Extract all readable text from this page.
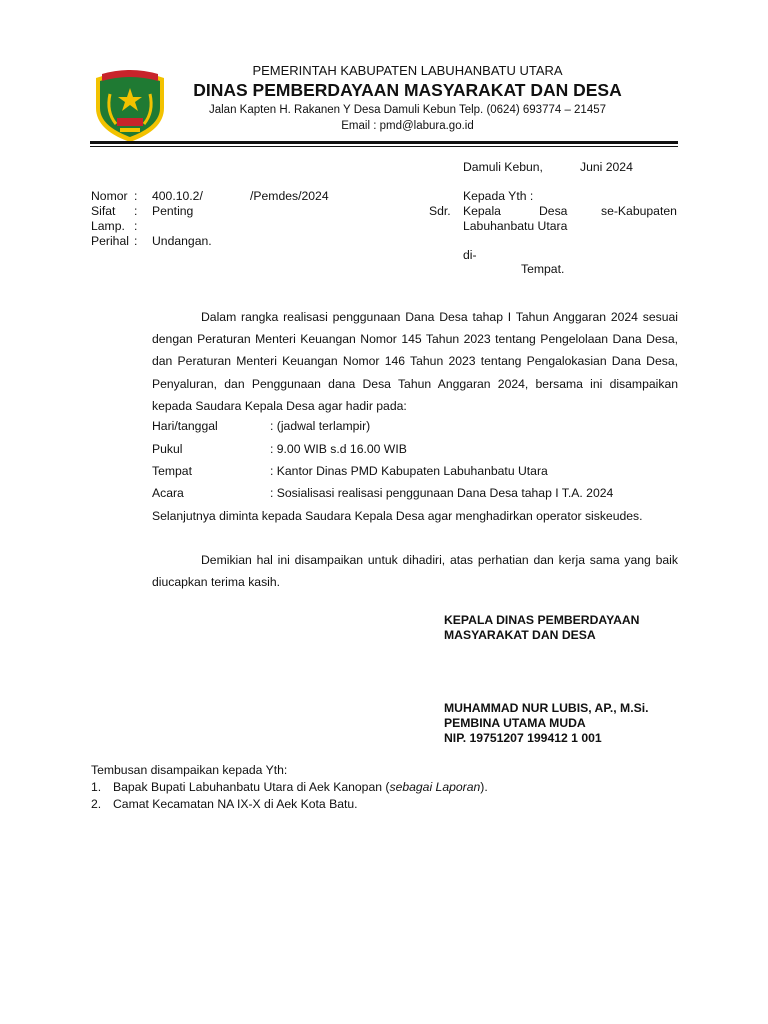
PEMERINTAH KABUPATEN LABUHANBATU UTARA
DINAS PEMBERDAYAAN MASYARAKAT DAN DESA
Jalan Kapten H. Rakanen Y Desa Damuli Kebun Telp. (0624) 693774 – 21457
Email : pmd@labura.go.id
Damuli Kebun,	Juni 2024
Nomor : 400.10.2/	/Pemdes/2024
Sifat : Penting
Lamp. :
Perihal : Undangan.
Kepada Yth :
Sdr. Kepala	Desa	se-Kabupaten
Labuhanbatu Utara
di-
Tempat.
Dalam rangka realisasi penggunaan Dana Desa tahap I Tahun Anggaran 2024 sesuai dengan Peraturan Menteri Keuangan Nomor 145 Tahun 2023 tentang Pengelolaan Dana Desa, dan Peraturan Menteri Keuangan Nomor 146 Tahun 2023 tentang Pengalokasian Dana Desa, Penyaluran, dan Penggunaan dana Desa Tahun Anggaran 2024, bersama ini disampaikan kepada Saudara Kepala Desa agar hadir pada:
Hari/tanggal	: (jadwal terlampir)
Pukul	: 9.00 WIB s.d 16.00 WIB
Tempat	: Kantor Dinas PMD Kabupaten Labuhanbatu Utara
Acara	: Sosialisasi realisasi penggunaan Dana Desa tahap I T.A. 2024
Selanjutnya diminta kepada Saudara Kepala Desa agar menghadirkan operator siskeudes.
Demikian hal ini disampaikan untuk dihadiri, atas perhatian dan kerja sama yang baik diucapkan terima kasih.
KEPALA DINAS PEMBERDAYAAN
MASYARAKAT DAN DESA
MUHAMMAD NUR LUBIS, AP., M.Si.
PEMBINA UTAMA MUDA
NIP. 19751207 199412 1 001
Tembusan disampaikan kepada Yth:
1. Bapak Bupati Labuhanbatu Utara di Aek Kanopan (sebagai Laporan).
2. Camat Kecamatan NA IX-X di Aek Kota Batu.
